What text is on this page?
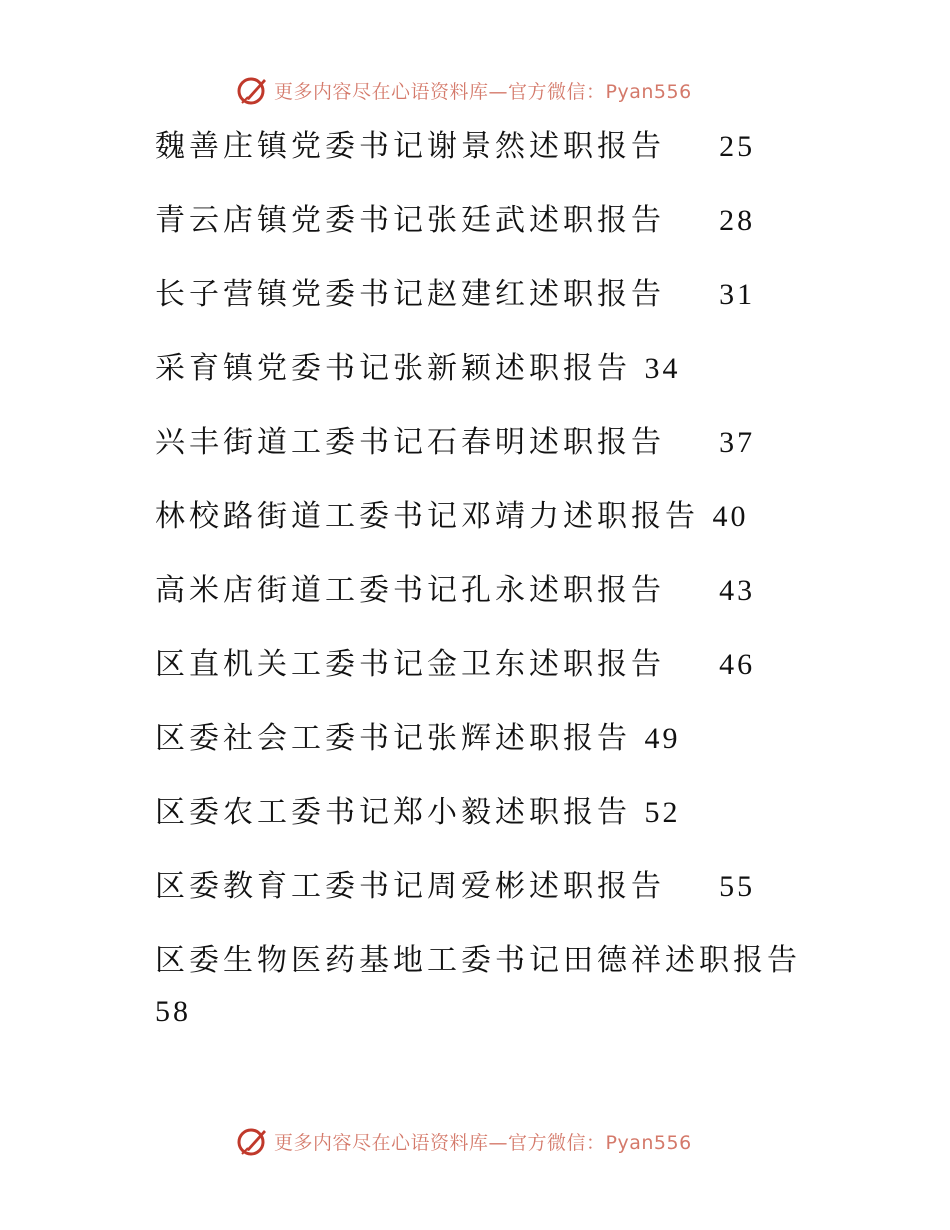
更多内容尽在心语资料库—官方微信：Pyan556
魏善庄镇党委书记谢景然述职报告 25
青云店镇党委书记张廷武述职报告 28
长子营镇党委书记赵建红述职报告 31
采育镇党委书记张新颖述职报告 34
兴丰街道工委书记石春明述职报告 37
林校路街道工委书记邓靖力述职报告 40
高米店街道工委书记孔永述职报告 43
区直机关工委书记金卫东述职报告 46
区委社会工委书记张辉述职报告 49
区委农工委书记郑小毅述职报告 52
区委教育工委书记周爱彬述职报告 55
区委生物医药基地工委书记田德祥述职报告
58
更多内容尽在心语资料库—官方微信：Pyan556
